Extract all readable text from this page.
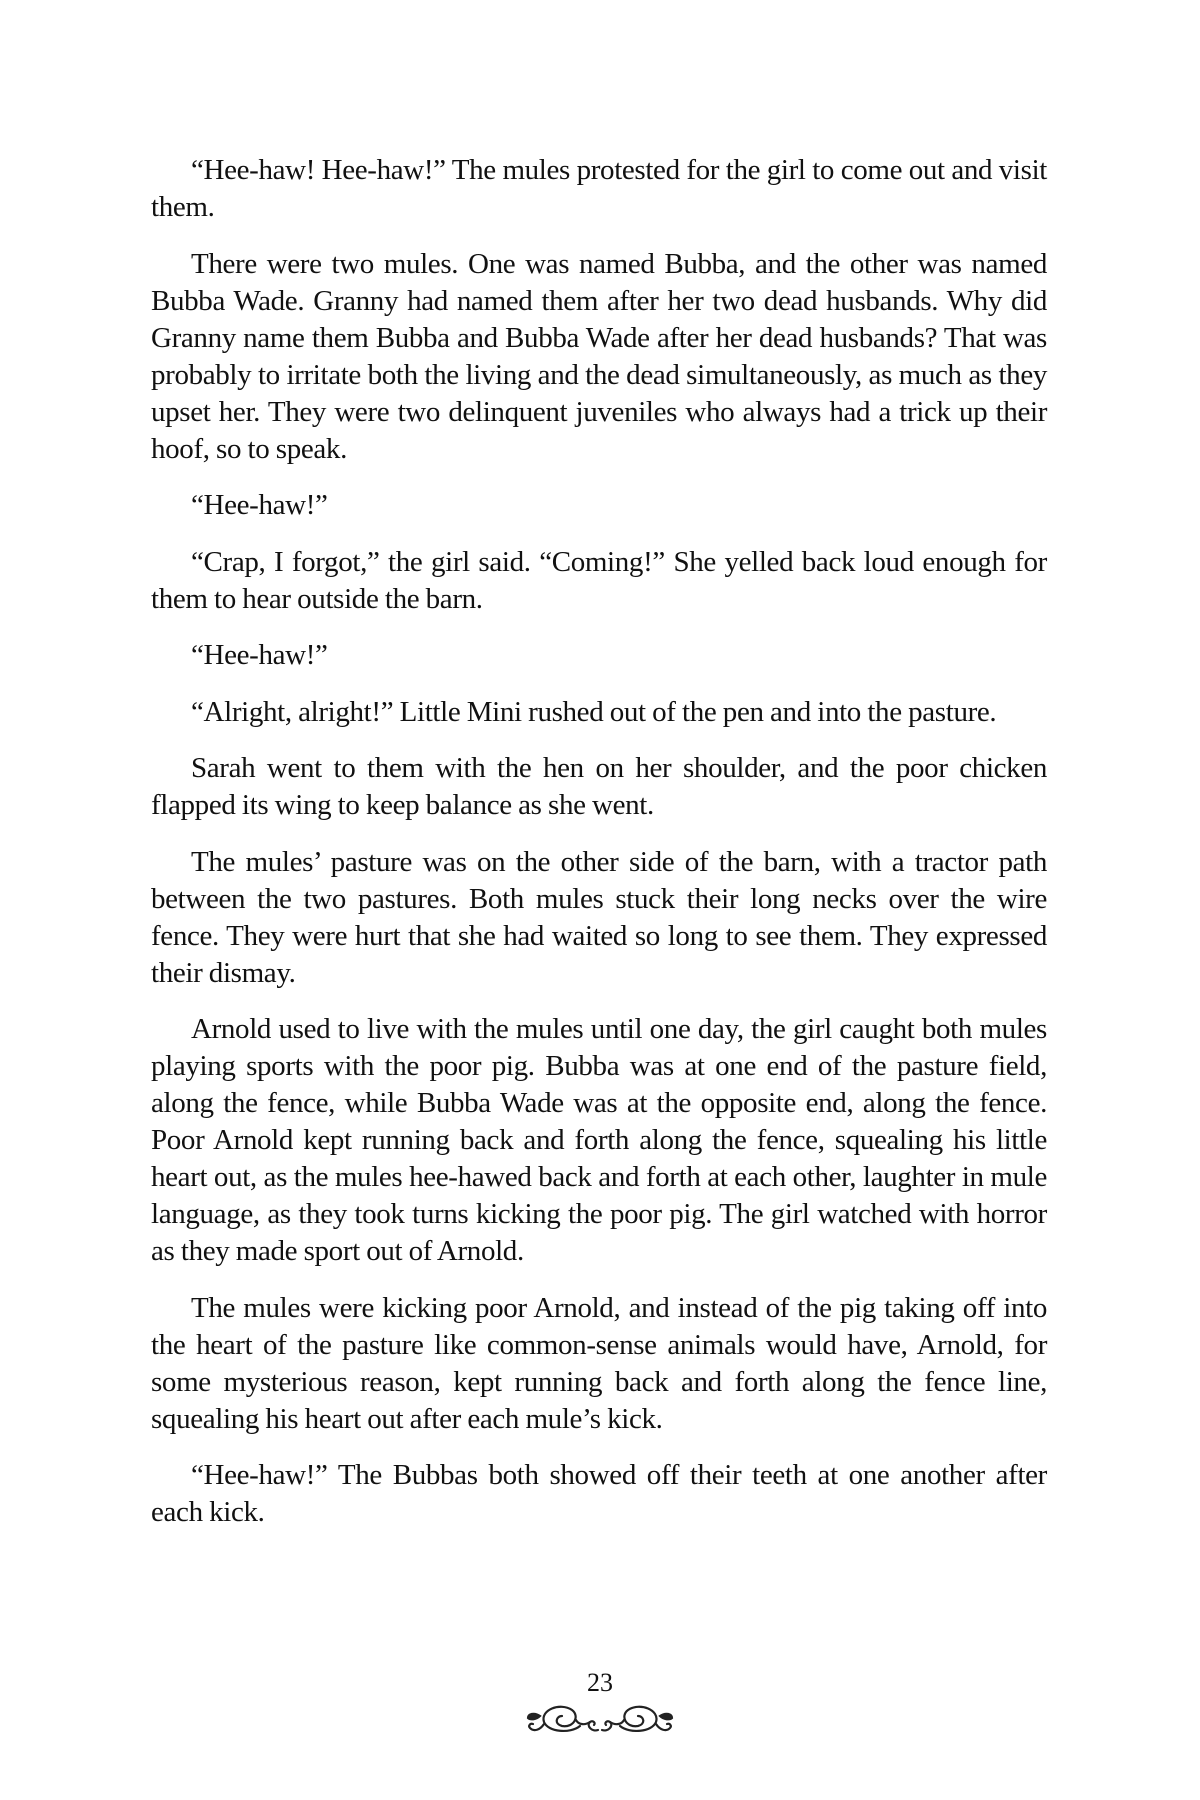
“Hee-haw! Hee-haw!” The mules protested for the girl to come out and visit them.

There were two mules. One was named Bubba, and the other was named Bubba Wade. Granny had named them after her two dead husbands. Why did Granny name them Bubba and Bubba Wade after her dead husbands? That was probably to irritate both the living and the dead simultaneously, as much as they upset her. They were two delinquent juveniles who always had a trick up their hoof, so to speak.

“Hee-haw!”

“Crap, I forgot,” the girl said. “Coming!” She yelled back loud enough for them to hear outside the barn.

“Hee-haw!”

“Alright, alright!” Little Mini rushed out of the pen and into the pasture.

Sarah went to them with the hen on her shoulder, and the poor chicken flapped its wing to keep balance as she went.

The mules’ pasture was on the other side of the barn, with a tractor path between the two pastures. Both mules stuck their long necks over the wire fence. They were hurt that she had waited so long to see them. They expressed their dismay.

Arnold used to live with the mules until one day, the girl caught both mules playing sports with the poor pig. Bubba was at one end of the pasture field, along the fence, while Bubba Wade was at the opposite end, along the fence. Poor Arnold kept running back and forth along the fence, squealing his little heart out, as the mules hee-hawed back and forth at each other, laughter in mule language, as they took turns kicking the poor pig. The girl watched with horror as they made sport out of Arnold.

The mules were kicking poor Arnold, and instead of the pig taking off into the heart of the pasture like common-sense animals would have, Arnold, for some mysterious reason, kept running back and forth along the fence line, squealing his heart out after each mule’s kick.

“Hee-haw!” The Bubbas both showed off their teeth at one another after each kick.

23
